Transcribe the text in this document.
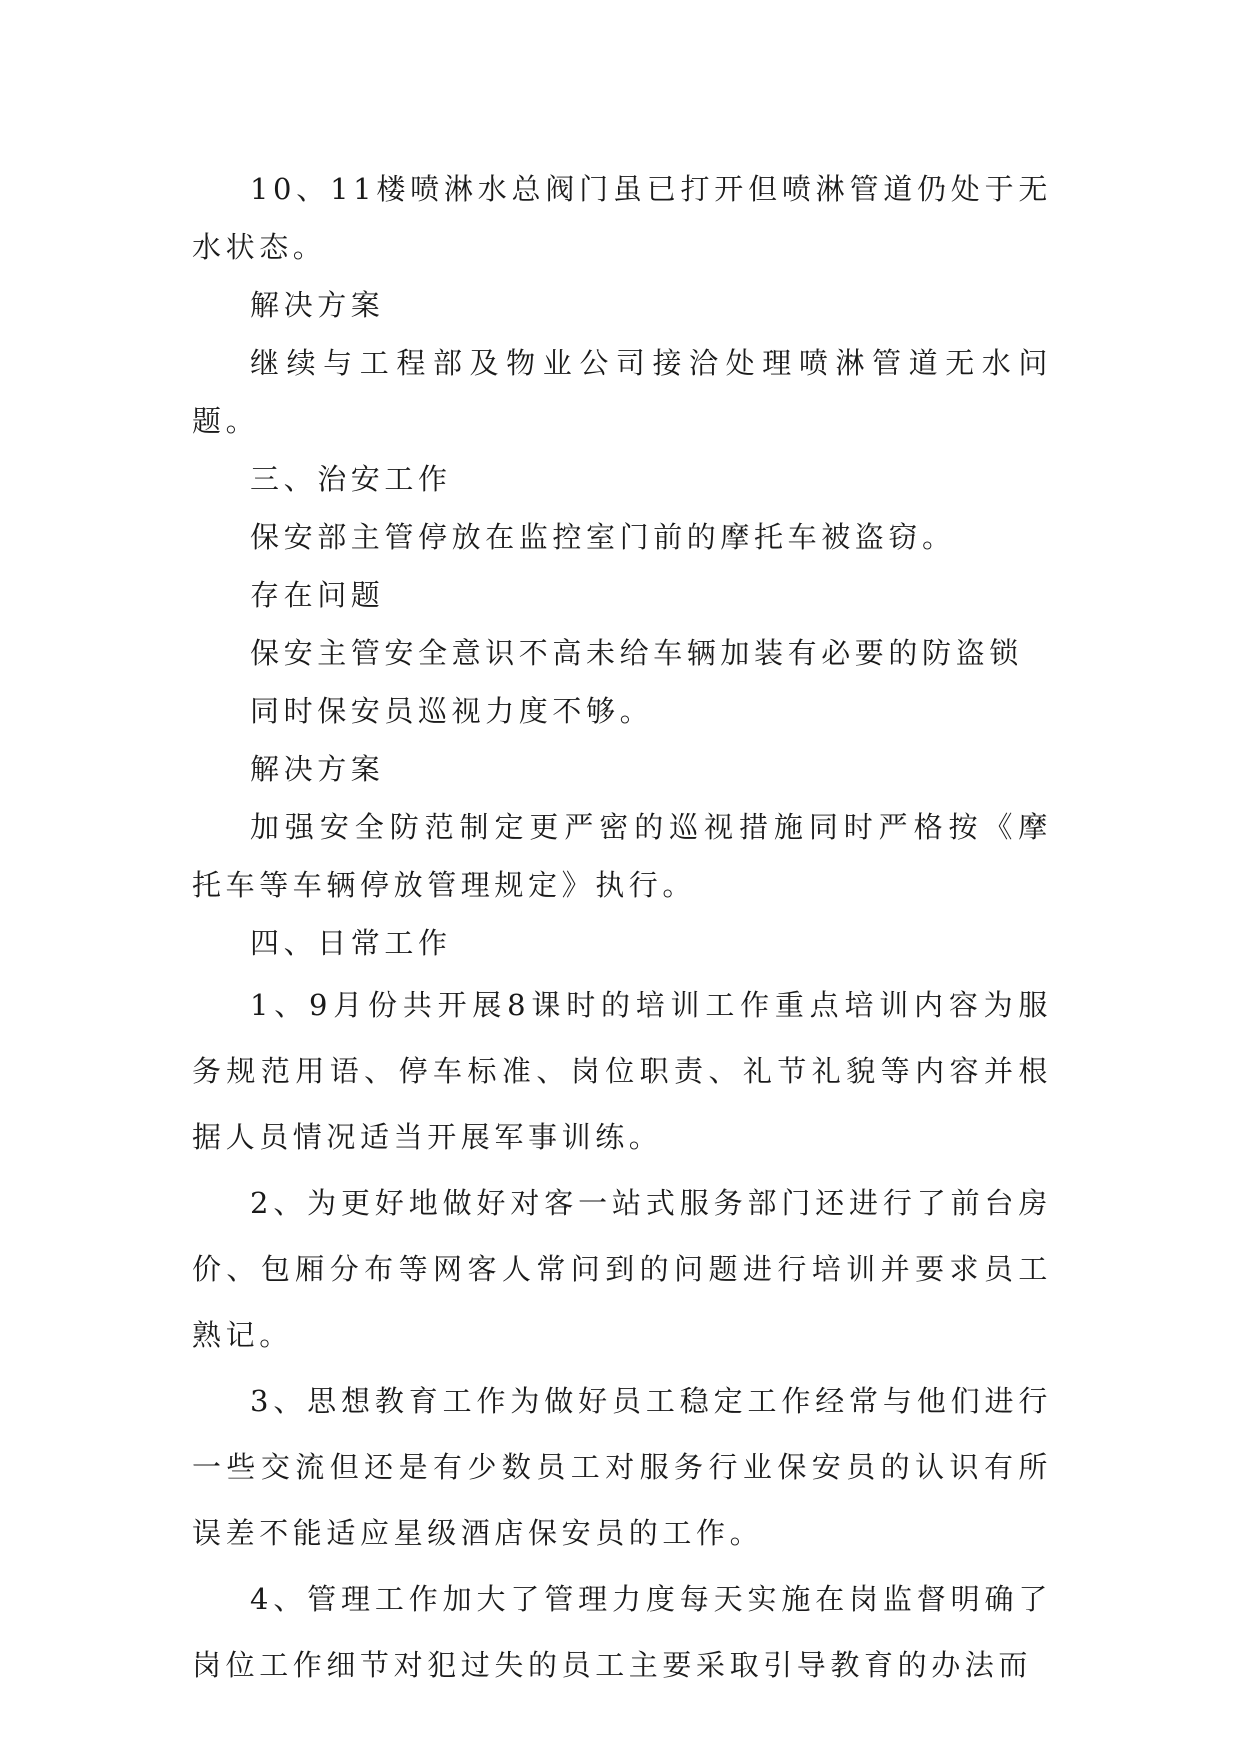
10、11楼喷淋水总阀门虽已打开但喷淋管道仍处于无水状态。

解决方案

继续与工程部及物业公司接洽处理喷淋管道无水问题。

三、治安工作

保安部主管停放在监控室门前的摩托车被盗窃。

存在问题

保安主管安全意识不高未给车辆加装有必要的防盗锁

同时保安员巡视力度不够。

解决方案

加强安全防范制定更严密的巡视措施同时严格按《摩托车等车辆停放管理规定》执行。

四、日常工作

1、9月份共开展8课时的培训工作重点培训内容为服务规范用语、停车标准、岗位职责、礼节礼貌等内容并根据人员情况适当开展军事训练。

2、为更好地做好对客一站式服务部门还进行了前台房价、包厢分布等网客人常问到的问题进行培训并要求员工熟记。

3、思想教育工作为做好员工稳定工作经常与他们进行一些交流但还是有少数员工对服务行业保安员的认识有所误差不能适应星级酒店保安员的工作。

4、管理工作加大了管理力度每天实施在岗监督明确了岗位工作细节对犯过失的员工主要采取引导教育的办法而
